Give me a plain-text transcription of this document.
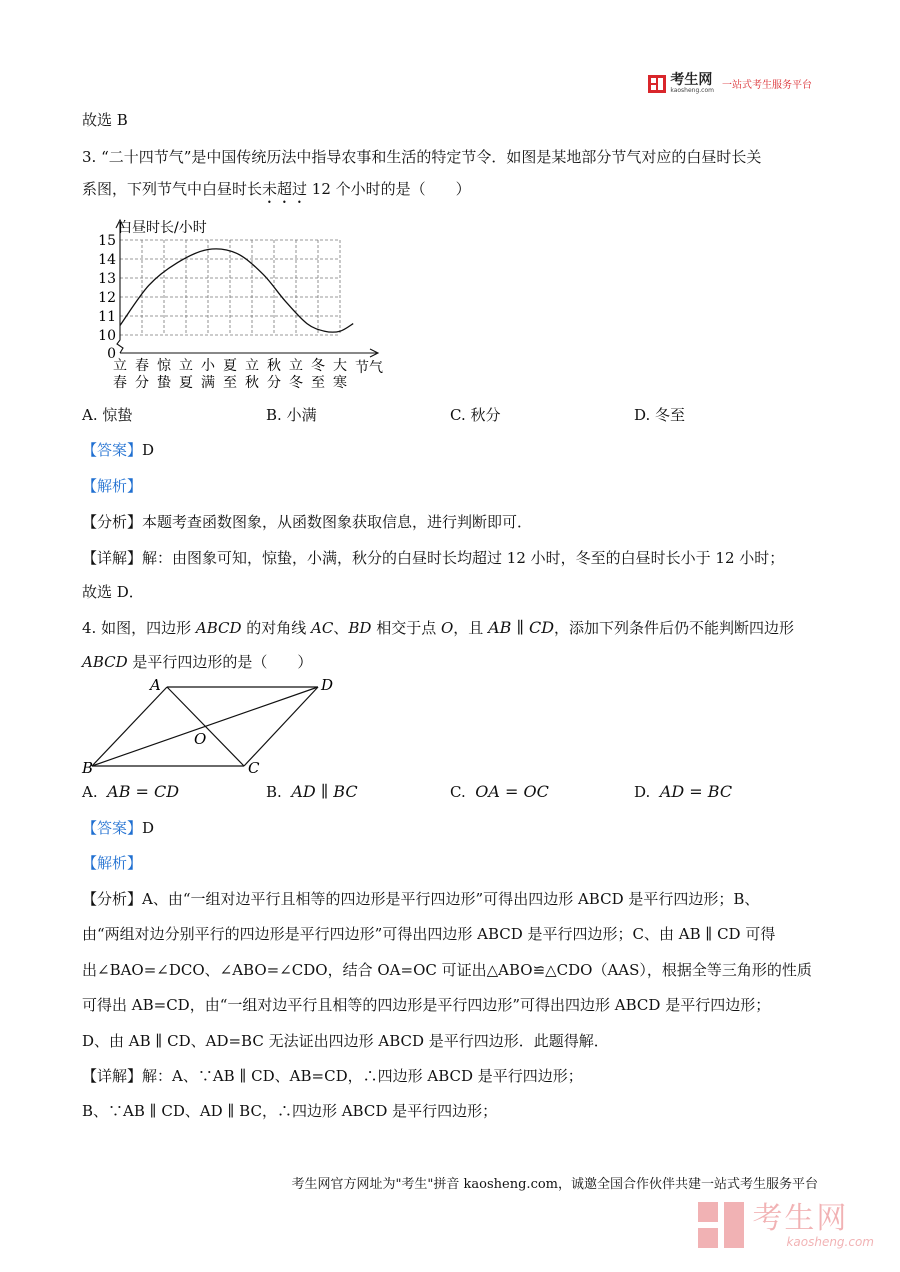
考生网
kaosheng.com 一站式考生服务平台
故选 B
3. “二十四节气”是中国传统历法中指导农事和生活的特定节令．如图是某地部分节气对应的白昼时长关
系图，下列节气中白昼时长未超过 12 个小时的是（　　）
白昼时长/小时
节气
15
14
13
12
11
10
0
立
春
春
分
惊
蛰
立
夏
小
满
夏
至
立
秋
秋
分
立
冬
冬
至
大
寒
A. 惊蛰	B. 小满	C. 秋分	D. 冬至
【答案】D
【解析】
【分析】本题考查函数图象，从函数图象获取信息，进行判断即可．
【详解】解：由图象可知，惊蛰，小满，秋分的白昼时长均超过 12 小时，冬至的白昼时长小于 12 小时；
故选 D．
4. 如图，四边形 ABCD 的对角线 AC、BD 相交于点 O，且 AB ∥ CD，添加下列条件后仍不能判断四边形
ABCD 是平行四边形的是（　　）
A	D
B	C
O
A. AB = CD	B. AD ∥ BC	C. OA = OC	D. AD = BC
【答案】D
【解析】
【分析】A、由“一组对边平行且相等的四边形是平行四边形”可得出四边形 ABCD 是平行四边形；B、
由“两组对边分别平行的四边形是平行四边形”可得出四边形 ABCD 是平行四边形；C、由 AB ∥ CD 可得
出∠BAO=∠DCO、∠ABO=∠CDO，结合 OA=OC 可证出△ABO≌△CDO（AAS），根据全等三角形的性质
可得出 AB=CD，由“一组对边平行且相等的四边形是平行四边形”可得出四边形 ABCD 是平行四边形；
D、由 AB ∥ CD、AD=BC 无法证出四边形 ABCD 是平行四边形．此题得解．
【详解】解：A、∵AB ∥ CD、AB=CD，∴四边形 ABCD 是平行四边形；
B、∵AB ∥ CD、AD ∥ BC，∴四边形 ABCD 是平行四边形；
考生网官方网址为"考生"拼音 kaosheng.com，诚邀全国合作伙伴共建一站式考生服务平台
考生网
kaosheng.com
